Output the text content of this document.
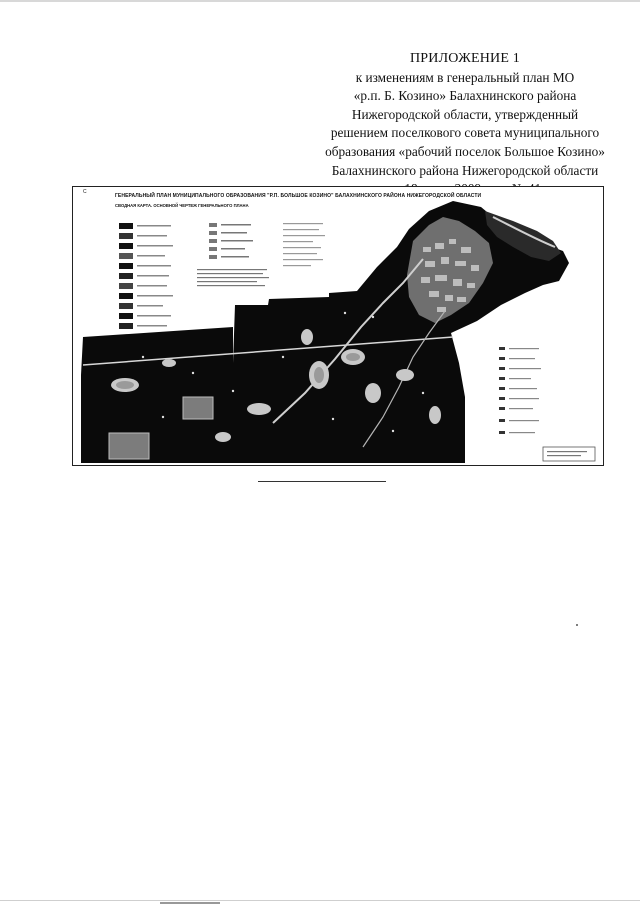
ПРИЛОЖЕНИЕ 1
к изменениям в генеральный план МО
«р.п. Б. Козино» Балахнинского района
Нижегородской области, утвержденный
решением поселкового совета муниципального
образования «рабочий поселок Большое Козино»
Балахнинского района Нижегородской области
С
ГЕНЕРАЛЬНЫЙ ПЛАН МУНИЦИПАЛЬНОГО ОБРАЗОВАНИЯ "Р.П. БОЛЬШОЕ КОЗИНО" БАЛАХНИНСКОГО РАЙОНА НИЖЕГОРОДСКОЙ ОБЛАСТИ
СВОДНАЯ КАРТА. ОСНОВНОЙ ЧЕРТЕЖ ГЕНЕРАЛЬНОГО ПЛАНА
